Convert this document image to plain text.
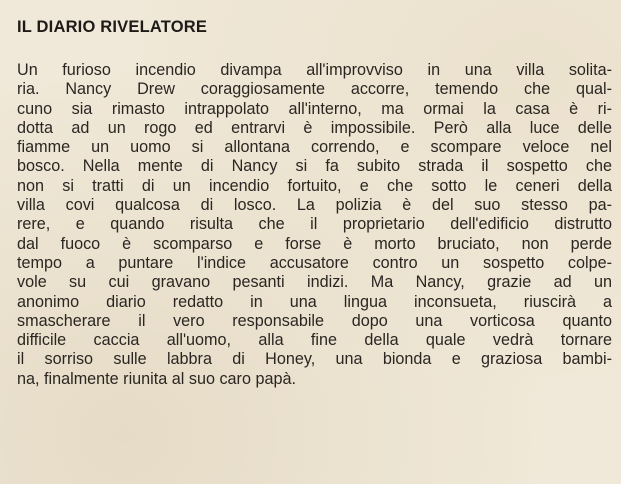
IL DIARIO RIVELATORE

Un furioso incendio divampa all'improvviso in una villa solita-
ria. Nancy Drew coraggiosamente accorre, temendo che qual-
cuno sia rimasto intrappolato all'interno, ma ormai la casa è ri-
dotta ad un rogo ed entrarvi è impossibile. Però alla luce delle
fiamme un uomo si allontana correndo, e scompare veloce nel
bosco. Nella mente di Nancy si fa subito strada il sospetto che
non si tratti di un incendio fortuito, e che sotto le ceneri della
villa covi qualcosa di losco. La polizia è del suo stesso pa-
rere, e quando risulta che il proprietario dell'edificio distrutto
dal fuoco è scomparso e forse è morto bruciato, non perde
tempo a puntare l'indice accusatore contro un sospetto colpe-
vole su cui gravano pesanti indizi. Ma Nancy, grazie ad un
anonimo diario redatto in una lingua inconsueta, riuscirà a
smascherare il vero responsabile dopo una vorticosa quanto
difficile caccia all'uomo, alla fine della quale vedrà tornare
il sorriso sulle labbra di Honey, una bionda e graziosa bambi-
na, finalmente riunita al suo caro papà.
